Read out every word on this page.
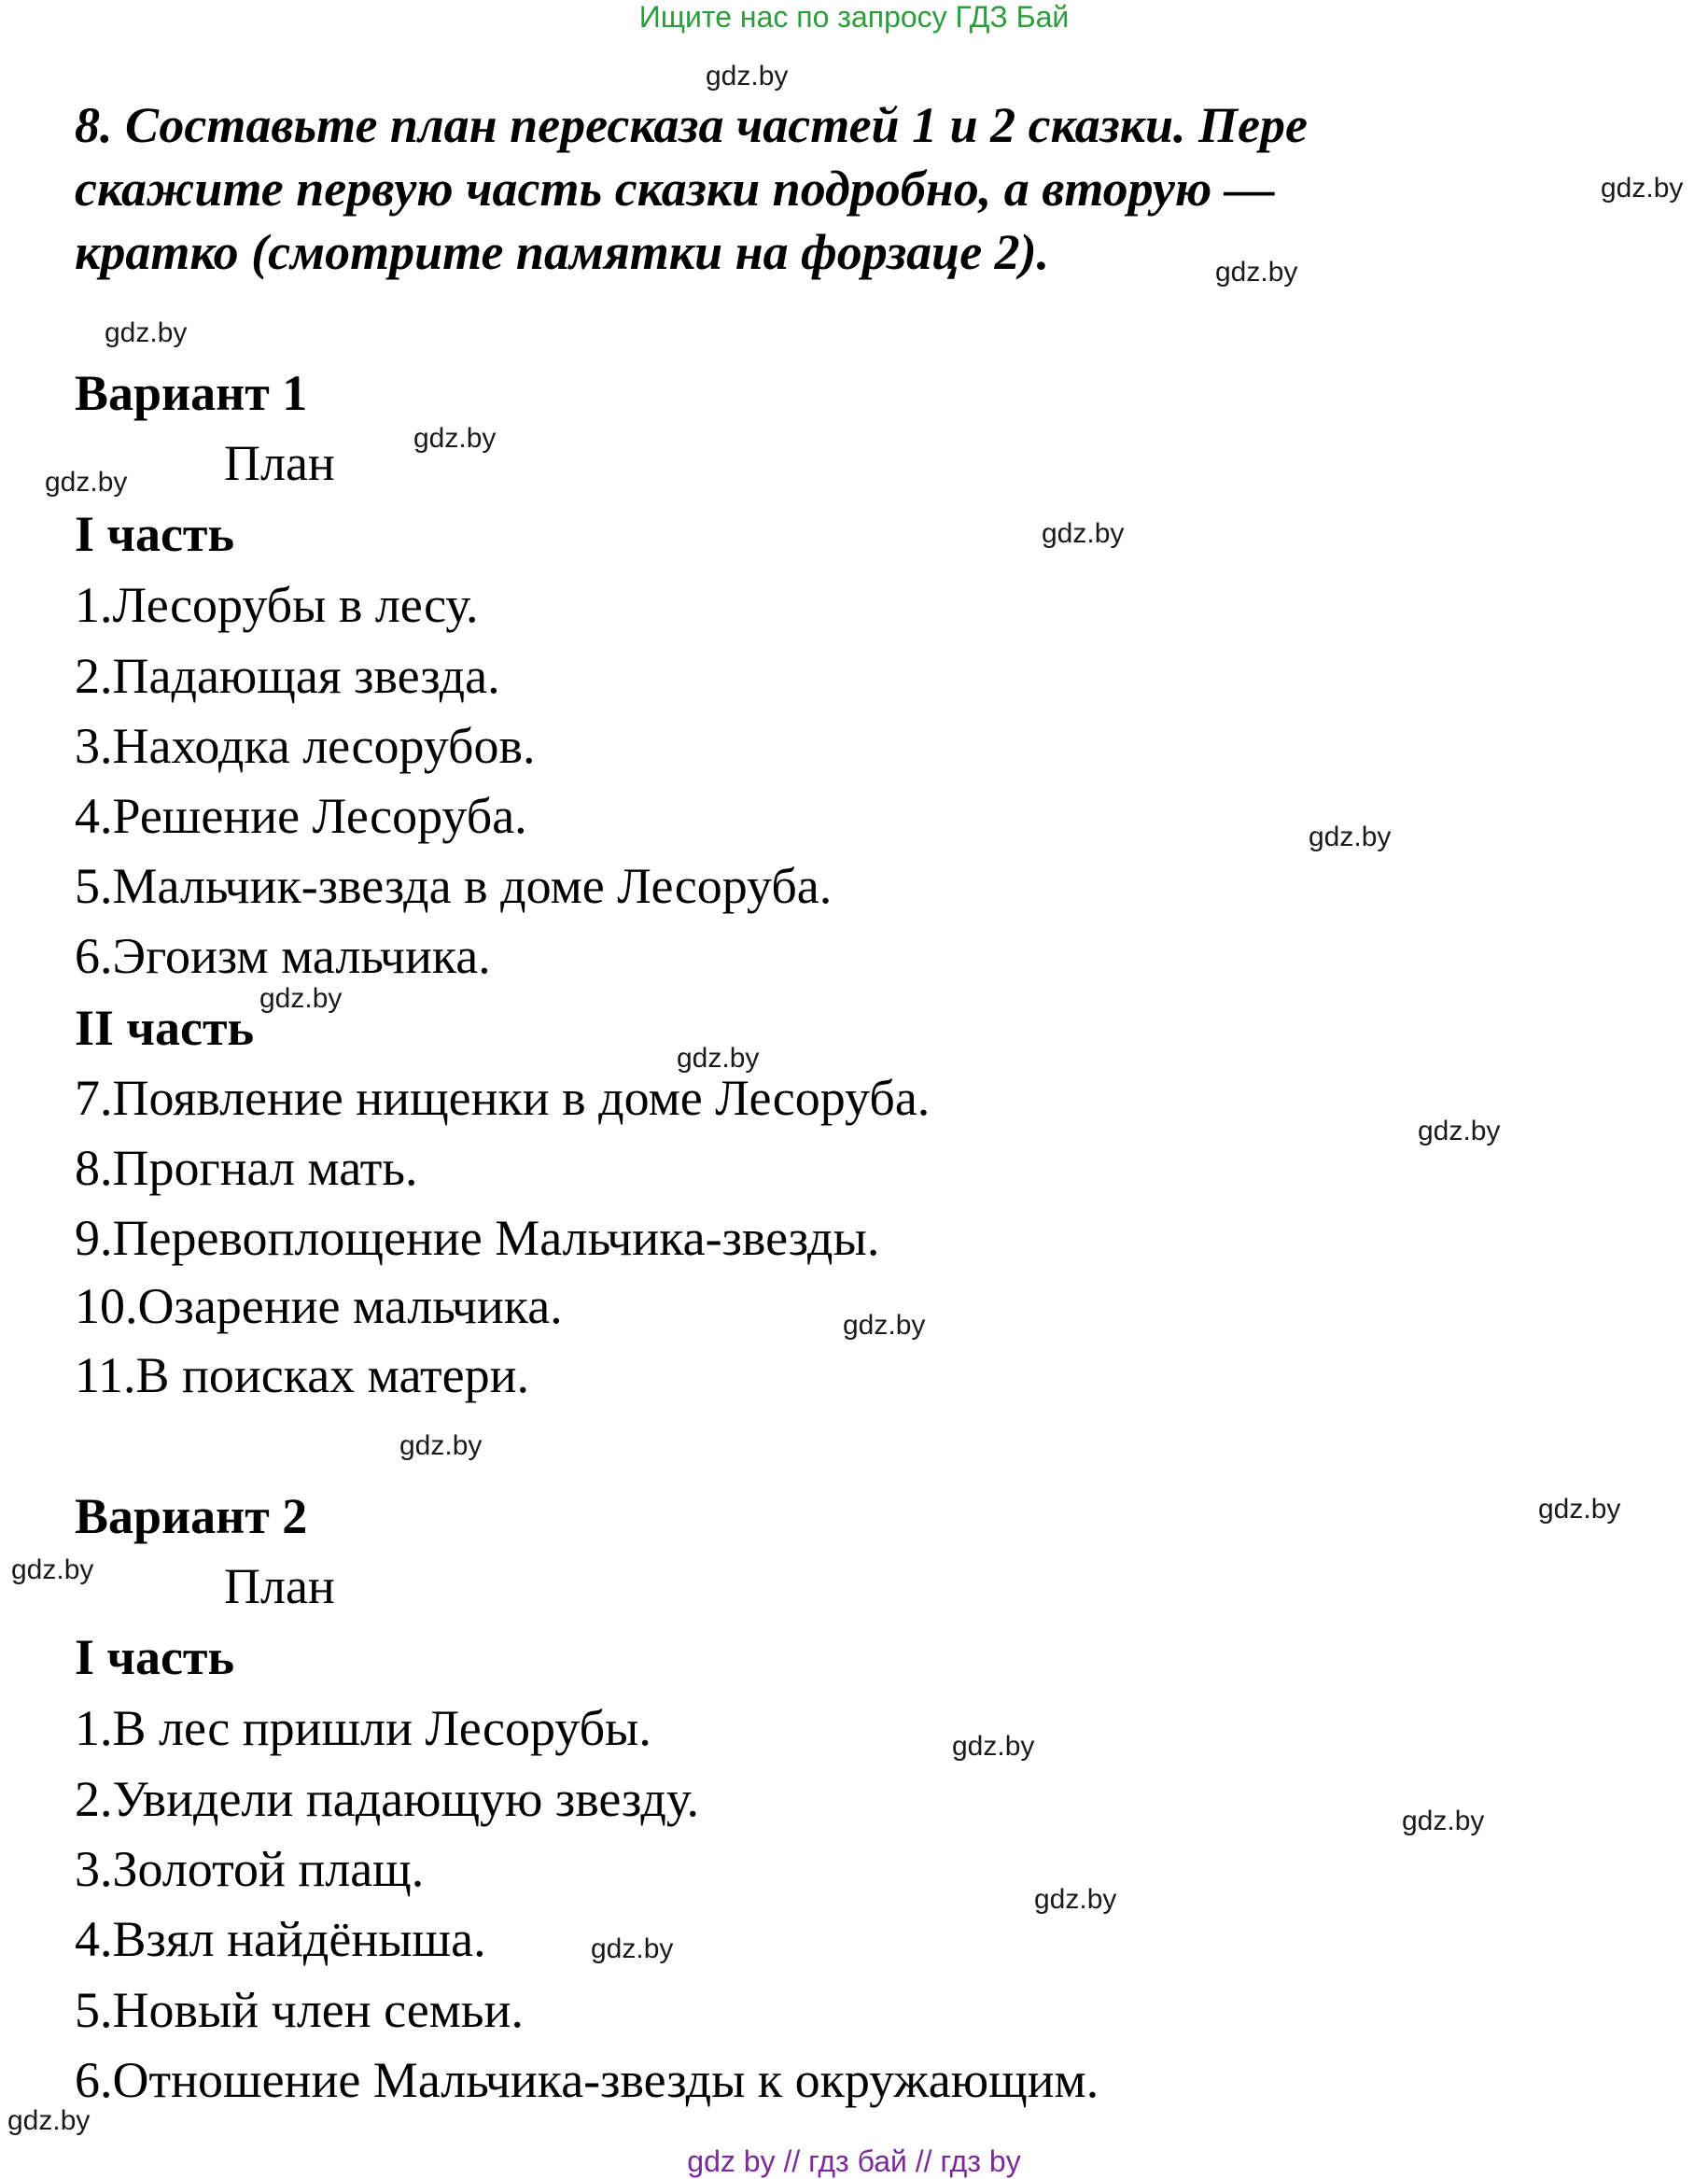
Ищите нас по запросу ГДЗ Бай
8. Составьте план пересказа частей 1 и 2 сказки. Пере
скажите первую часть сказки подробно, а вторую —
кратко (смотрите памятки на форзаце 2).
Вариант 1
План
I часть
1.Лесорубы в лесу.
2.Падающая звезда.
3.Находка лесорубов.
4.Решение Лесоруба.
5.Мальчик-звезда в доме Лесоруба.
6.Эгоизм мальчика.
II часть
7.Появление нищенки в доме Лесоруба.
8.Прогнал мать.
9.Перевоплощение Мальчика-звезды.
10.Озарение мальчика.
11.В поисках матери.
Вариант 2
План
I часть
1.В лес пришли Лесорубы.
2.Увидели падающую звезду.
3.Золотой плащ.
4.Взял найдёныша.
5.Новый член семьи.
6.Отношение Мальчика-звезды к окружающим.
gdz.by
gdz.by
gdz.by
gdz.by
gdz.by
gdz.by
gdz.by
gdz.by
gdz.by
gdz.by
gdz.by
gdz.by
gdz.by
gdz.by
gdz.by
gdz.by
gdz.by
gdz.by
gdz.by
gdz.by
gdz by // гдз бай // гдз by
